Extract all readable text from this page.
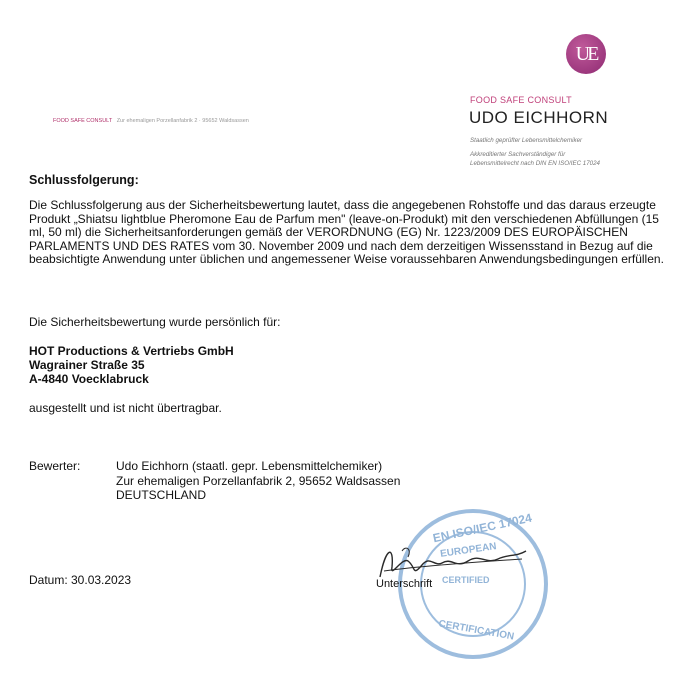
FOOD SAFE CONSULT Zur ehemaligen Porzellanfabrik 2 · 95652 Waldsassen
UE
FOOD SAFE CONSULT
UDO EICHHORN
Staatlich geprüfter Lebensmittelchemiker
Akkreditierter Sachverständiger für
Lebensmittelrecht nach DIN EN ISO/IEC 17024
Schlussfolgerung:
Die Schlussfolgerung aus der Sicherheitsbewertung lautet, dass die angegebenen Rohstoffe und das daraus erzeugte Produkt „Shiatsu lightblue Pheromone Eau de Parfum men" (leave-on-Produkt) mit den verschiedenen Abfüllungen (15 ml, 50 ml) die Sicherheitsanforderungen gemäß der VERORDNUNG (EG) Nr. 1223/2009 DES EUROPÄISCHEN PARLAMENTS UND DES RATES vom 30. November 2009 und nach dem derzeitigen Wissensstand in Bezug auf die beabsichtigte Anwendung unter üblichen und angemessener Weise voraussehbaren Anwendungsbedingungen erfüllen.
Die Sicherheitsbewertung wurde persönlich für:
HOT Productions & Vertriebs GmbH
Wagrainer Straße 35
A-4840 Voecklabruck
ausgestellt und ist nicht übertragbar.
Bewerter:	Udo Eichhorn (staatl. gepr. Lebensmittelchemiker)
Zur ehemaligen Porzellanfabrik 2, 95652 Waldsassen
DEUTSCHLAND
EN ISO/IEC 17024
EUROPEAN
CERTIFIED
CERTIFICATION
Datum: 30.03.2023	Unterschrift
